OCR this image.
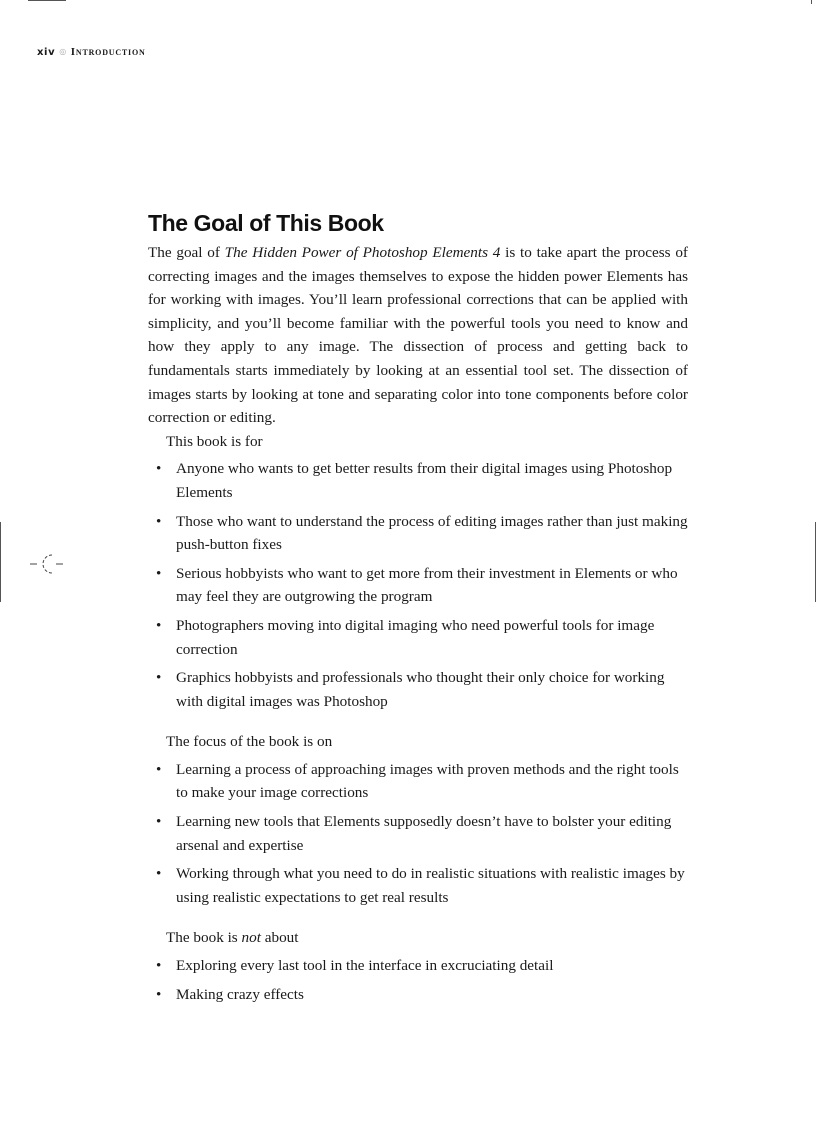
xiv ◎ Introduction
The Goal of This Book

The goal of The Hidden Power of Photoshop Elements 4 is to take apart the process of correcting images and the images themselves to expose the hidden power Elements has for working with images. You’ll learn professional corrections that can be applied with simplicity, and you’ll become familiar with the powerful tools you need to know and how they apply to any image. The dissection of process and getting back to fundamentals starts immediately by looking at an essential tool set. The dissection of images starts by looking at tone and separating color into tone components before color correction or editing.

This book is for

• Anyone who wants to get better results from their digital images using Photoshop Elements
• Those who want to understand the process of editing images rather than just making push-button fixes
• Serious hobbyists who want to get more from their investment in Elements or who may feel they are outgrowing the program
• Photographers moving into digital imaging who need powerful tools for image correction
• Graphics hobbyists and professionals who thought their only choice for working with digital images was Photoshop

The focus of the book is on

• Learning a process of approaching images with proven methods and the right tools to make your image corrections
• Learning new tools that Elements supposedly doesn’t have to bolster your editing arsenal and expertise
• Working through what you need to do in realistic situations with realistic images by using realistic expectations to get real results

The book is not about

• Exploring every last tool in the interface in excruciating detail
• Making crazy effects
